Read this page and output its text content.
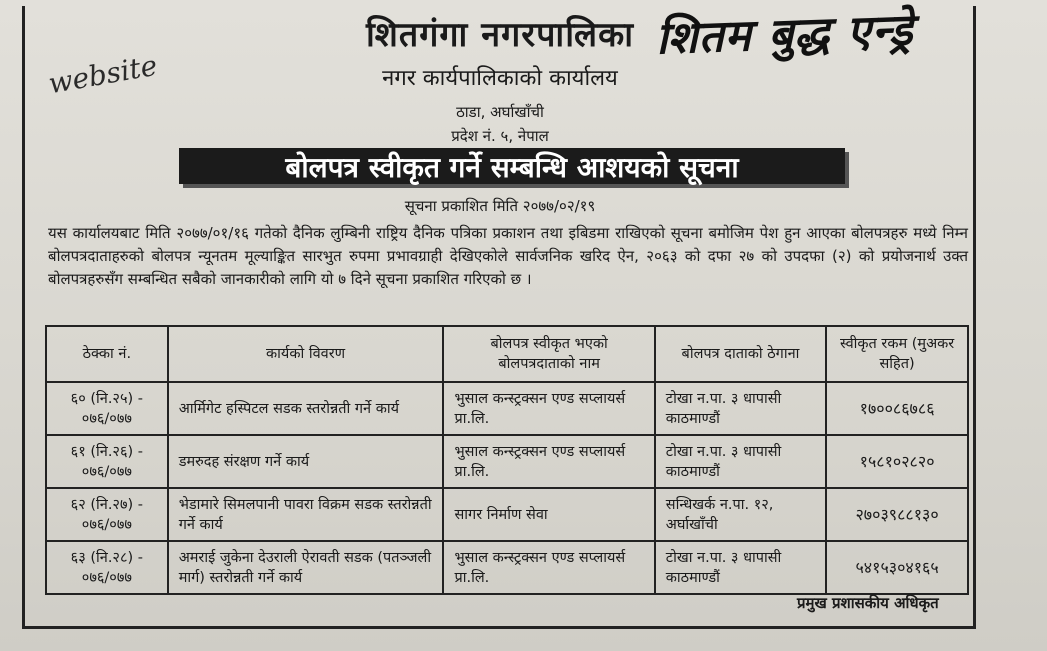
शितम बुद्ध एन्ड्रे
website
शितगंगा नगरपालिका
नगर कार्यपालिकाको कार्यालय
ठाडा, अर्घाखाँची
प्रदेश नं. ५, नेपाल
बोलपत्र स्वीकृत गर्ने सम्बन्धि आशयको सूचना
सूचना प्रकाशित मिति २०७७/०२/१९
यस कार्यालयबाट मिति २०७७/०१/१६ गतेको दैनिक लुम्बिनी राष्ट्रिय दैनिक पत्रिका प्रकाशन तथा इबिडमा राखिएको सूचना बमोजिम पेश हुन आएका बोलपत्रहरु मध्ये निम्न बोलपत्रदाताहरुको बोलपत्र न्यूनतम मूल्याङ्कित सारभुत रुपमा प्रभावग्राही देखिएकोले सार्वजनिक खरिद ऐन, २०६३ को दफा २७ को उपदफा (२) को प्रयोजनार्थ उक्त बोलपत्रहरुसँग सम्बन्धित सबैको जानकारीको लागि यो ७ दिने सूचना प्रकाशित गरिएको छ ।
ठेक्का नं.	कार्यको विवरण	बोलपत्र स्वीकृत भएको बोलपत्रदाताको नाम	बोलपत्र दाताको ठेगाना	स्वीकृत रकम (मुअकर सहित)
६० (नि.२५) - ०७६/०७७	आर्मिगेट हस्पिटल सडक स्तरोन्नती गर्ने कार्य	भुसाल कन्स्ट्रक्सन एण्ड सप्लायर्स प्रा.लि.	टोखा न.पा. ३ धापासी काठमाण्डौं	१७००८६७८६
६१ (नि.२६) - ०७६/०७७	डमरुदह संरक्षण गर्ने कार्य	भुसाल कन्स्ट्रक्सन एण्ड सप्लायर्स प्रा.लि.	टोखा न.पा. ३ धापासी काठमाण्डौं	१५८१०२८२०
६२ (नि.२७) - ०७६/०७७	भेडामारे सिमलपानी पावरा विक्रम सडक स्तरोन्नती गर्ने कार्य	सागर निर्माण सेवा	सन्धिखर्क न.पा. १२, अर्घाखाँची	२७०३९८८१३०
६३ (नि.२८) - ०७६/०७७	अमराई जुकेना देउराली ऐरावती सडक (पतञ्जली मार्ग) स्तरोन्नती गर्ने कार्य	भुसाल कन्स्ट्रक्सन एण्ड सप्लायर्स प्रा.लि.	टोखा न.पा. ३ धापासी काठमाण्डौं	५४१५३०४१६५
प्रमुख प्रशासकीय अधिकृत
